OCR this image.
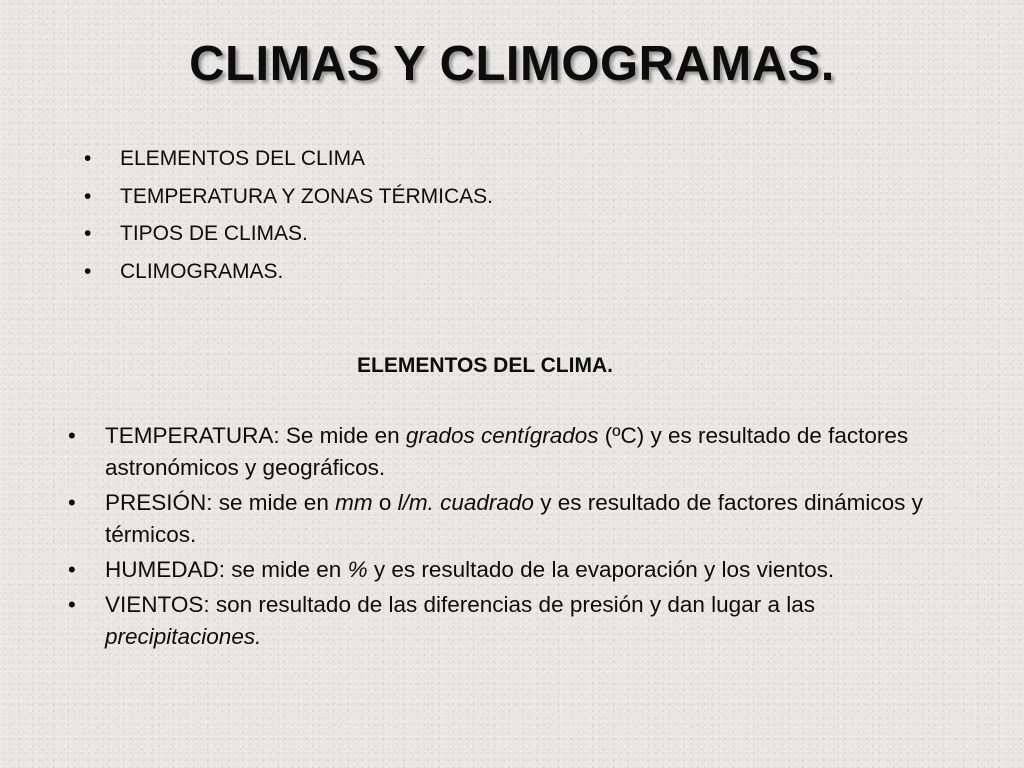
CLIMAS Y CLIMOGRAMAS.
• ELEMENTOS DEL CLIMA
• TEMPERATURA Y ZONAS TÉRMICAS.
• TIPOS DE CLIMAS.
• CLIMOGRAMAS.
ELEMENTOS DEL CLIMA.
• TEMPERATURA: Se mide en grados centígrados (ºC) y es resultado de factores astronómicos y geográficos.
• PRESIÓN: se mide en mm o l/m. cuadrado y es resultado de factores dinámicos y térmicos.
• HUMEDAD: se mide en % y es resultado de la evaporación y los vientos.
• VIENTOS: son resultado de las diferencias de presión y dan lugar a las precipitaciones.
